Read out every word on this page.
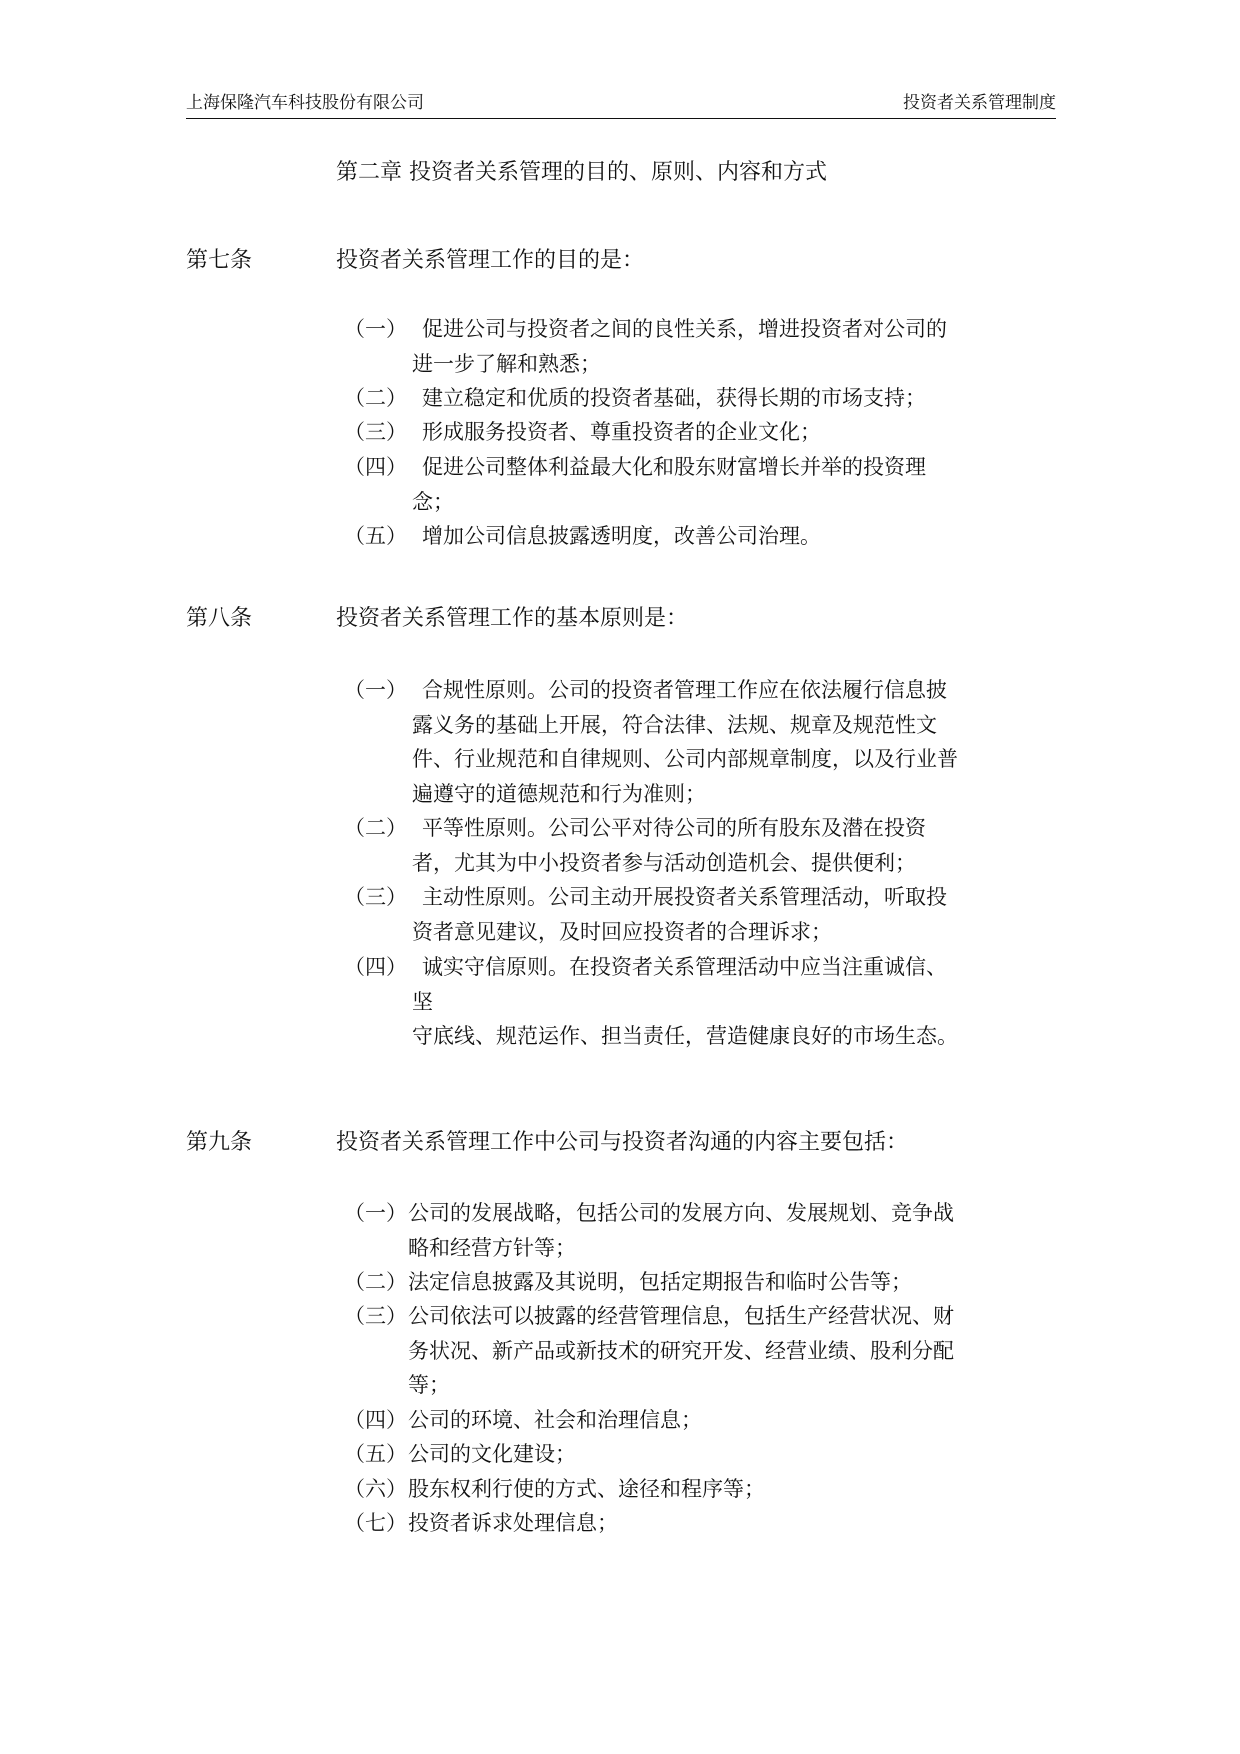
上海保隆汽车科技股份有限公司	投资者关系管理制度
第二章 投资者关系管理的目的、原则、内容和方式
第七条	投资者关系管理工作的目的是：
（一） 促进公司与投资者之间的良性关系，增进投资者对公司的
进一步了解和熟悉；
（二） 建立稳定和优质的投资者基础，获得长期的市场支持；
（三） 形成服务投资者、尊重投资者的企业文化；
（四） 促进公司整体利益最大化和股东财富增长并举的投资理
念；
（五） 增加公司信息披露透明度，改善公司治理。
第八条	投资者关系管理工作的基本原则是：
（一） 合规性原则。公司的投资者管理工作应在依法履行信息披
露义务的基础上开展，符合法律、法规、规章及规范性文
件、行业规范和自律规则、公司内部规章制度，以及行业普
遍遵守的道德规范和行为准则；
（二） 平等性原则。公司公平对待公司的所有股东及潜在投资
者，尤其为中小投资者参与活动创造机会、提供便利；
（三） 主动性原则。公司主动开展投资者关系管理活动，听取投
资者意见建议，及时回应投资者的合理诉求；
（四） 诚实守信原则。在投资者关系管理活动中应当注重诚信、
坚
守底线、规范运作、担当责任，营造健康良好的市场生态。
第九条	投资者关系管理工作中公司与投资者沟通的内容主要包括：
（一） 公司的发展战略，包括公司的发展方向、发展规划、竞争战
略和经营方针等；
（二） 法定信息披露及其说明，包括定期报告和临时公告等；
（三） 公司依法可以披露的经营管理信息，包括生产经营状况、财
务状况、新产品或新技术的研究开发、经营业绩、股利分配
等；
（四） 公司的环境、社会和治理信息；
（五） 公司的文化建设；
（六） 股东权利行使的方式、途径和程序等；
（七） 投资者诉求处理信息；
